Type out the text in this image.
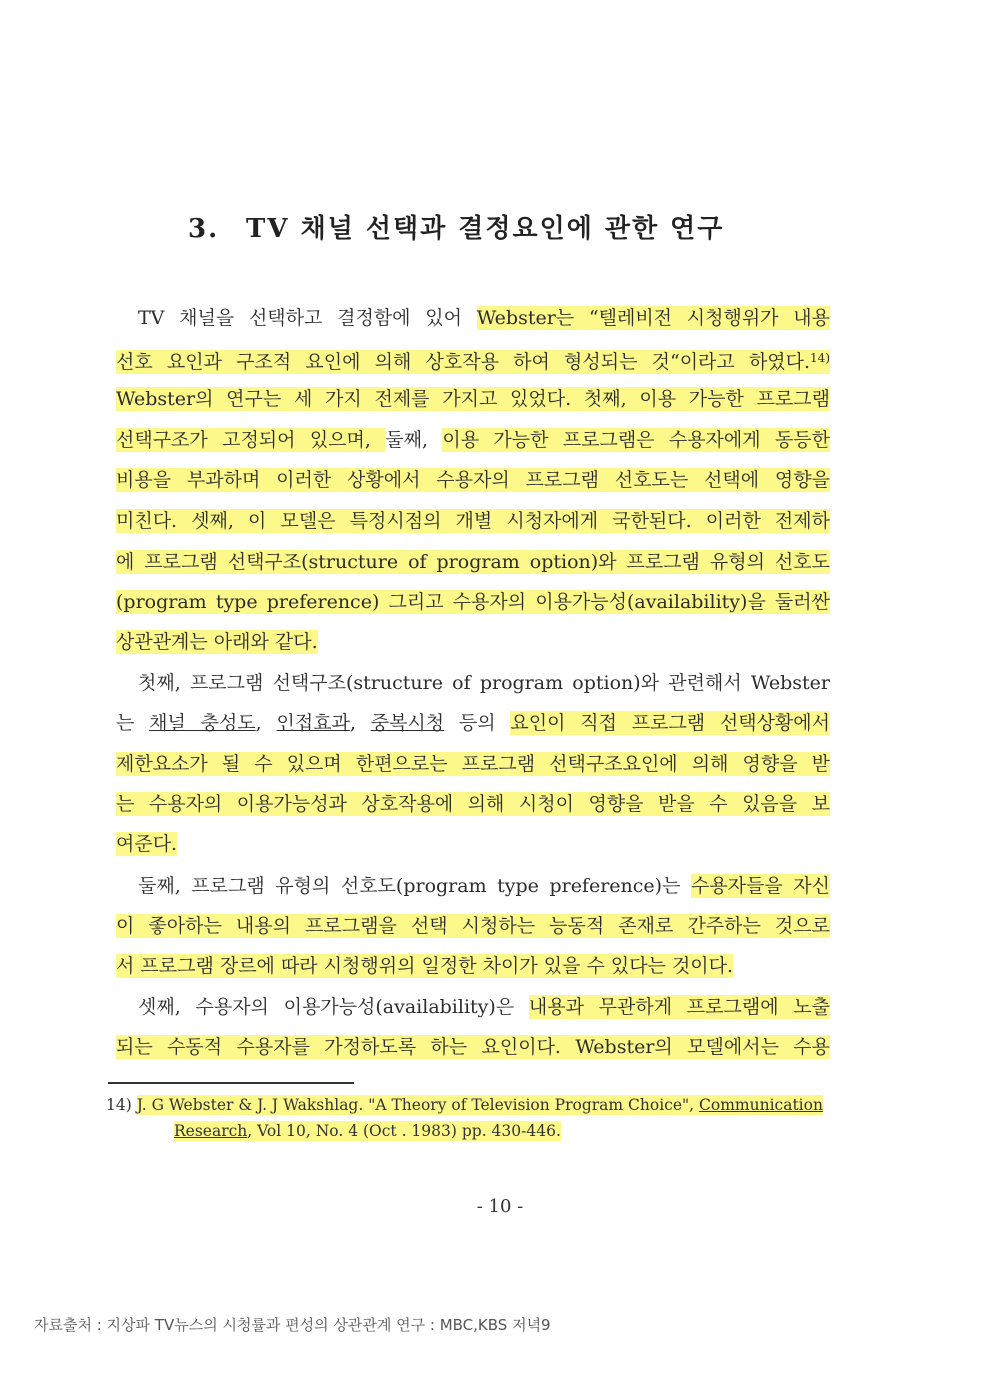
3. TV 채널 선택과 결정요인에 관한 연구
TV 채널을 선택하고 결정함에 있어 Webster는 “텔레비전 시청행위가 내용
선호 요인과 구조적 요인에 의해 상호작용 하여 형성되는 것“이라고 하였다.$^{14)}$
Webster의 연구는 세 가지 전제를 가지고 있었다. 첫째, 이용 가능한 프로그램
선택구조가 고정되어 있으며, 둘째, 이용 가능한 프로그램은 수용자에게 동등한
비용을 부과하며 이러한 상황에서 수용자의 프로그램 선호도는 선택에 영향을
미친다. 셋째, 이 모델은 특정시점의 개별 시청자에게 국한된다. 이러한 전제하
에 프로그램 선택구조(structure of program option)와 프로그램 유형의 선호도
(program type preference) 그리고 수용자의 이용가능성(availability)을 둘러싼
상관관계는 아래와 같다.
첫째, 프로그램 선택구조(structure of program option)와 관련해서 Webster
는 채널 충성도, 인접효과, 중복시청 등의 요인이 직접 프로그램 선택상황에서
제한요소가 될 수 있으며 한편으로는 프로그램 선택구조요인에 의해 영향을 받
는 수용자의 이용가능성과 상호작용에 의해 시청이 영향을 받을 수 있음을 보
여준다.
둘째, 프로그램 유형의 선호도(program type preference)는 수용자들을 자신
이 좋아하는 내용의 프로그램을 선택 시청하는 능동적 존재로 간주하는 것으로
서 프로그램 장르에 따라 시청행위의 일정한 차이가 있을 수 있다는 것이다.
셋째, 수용자의 이용가능성(availability)은 내용과 무관하게 프로그램에 노출
되는 수동적 수용자를 가정하도록 하는 요인이다. Webster의 모델에서는 수용
14) J. G Webster & J. J Wakshlag. "A Theory of Television Program Choice", Communication
Research, Vol 10, No. 4 (Oct . 1983) pp. 430-446.
- 10 -
자료출처 : 지상파 TV뉴스의 시청률과 편성의 상관관계 연구 : MBC,KBS 저녁9
